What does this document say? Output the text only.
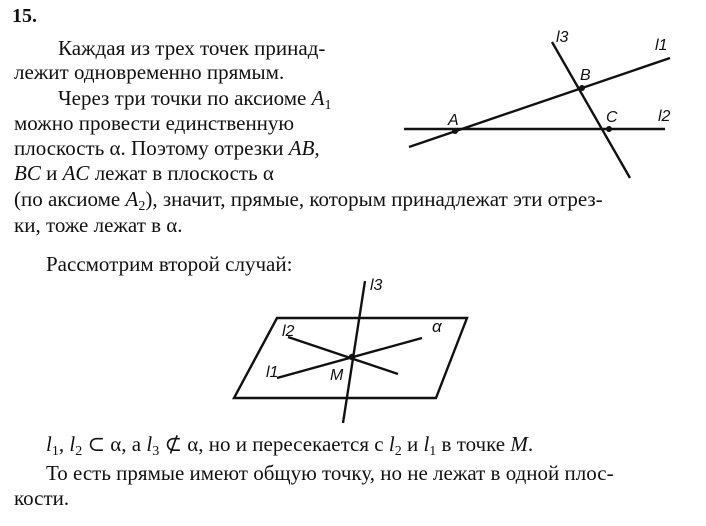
15.
Каждая из трех точек принад-
лежит одновременно прямым.
Через три точки по аксиоме $A_1$
можно провести единственную
плоскость α. Поэтому отрезки AB,
BC и AC лежат в плоскость α
(по аксиоме $A_2$), значит, прямые, которым принадлежат эти отрез-
ки, тоже лежат в α.
Рассмотрим второй случай:
$l_1$, $l_2$ ⊂ α, а $l_3$ ⊄ α, но и пересекается с $l_2$ и $l_1$ в точке M.
То есть прямые имеют общую точку, но не лежат в одной плос-
кости.
l3	l1
l2
A
B
C
l3
l2
l1
α
M
